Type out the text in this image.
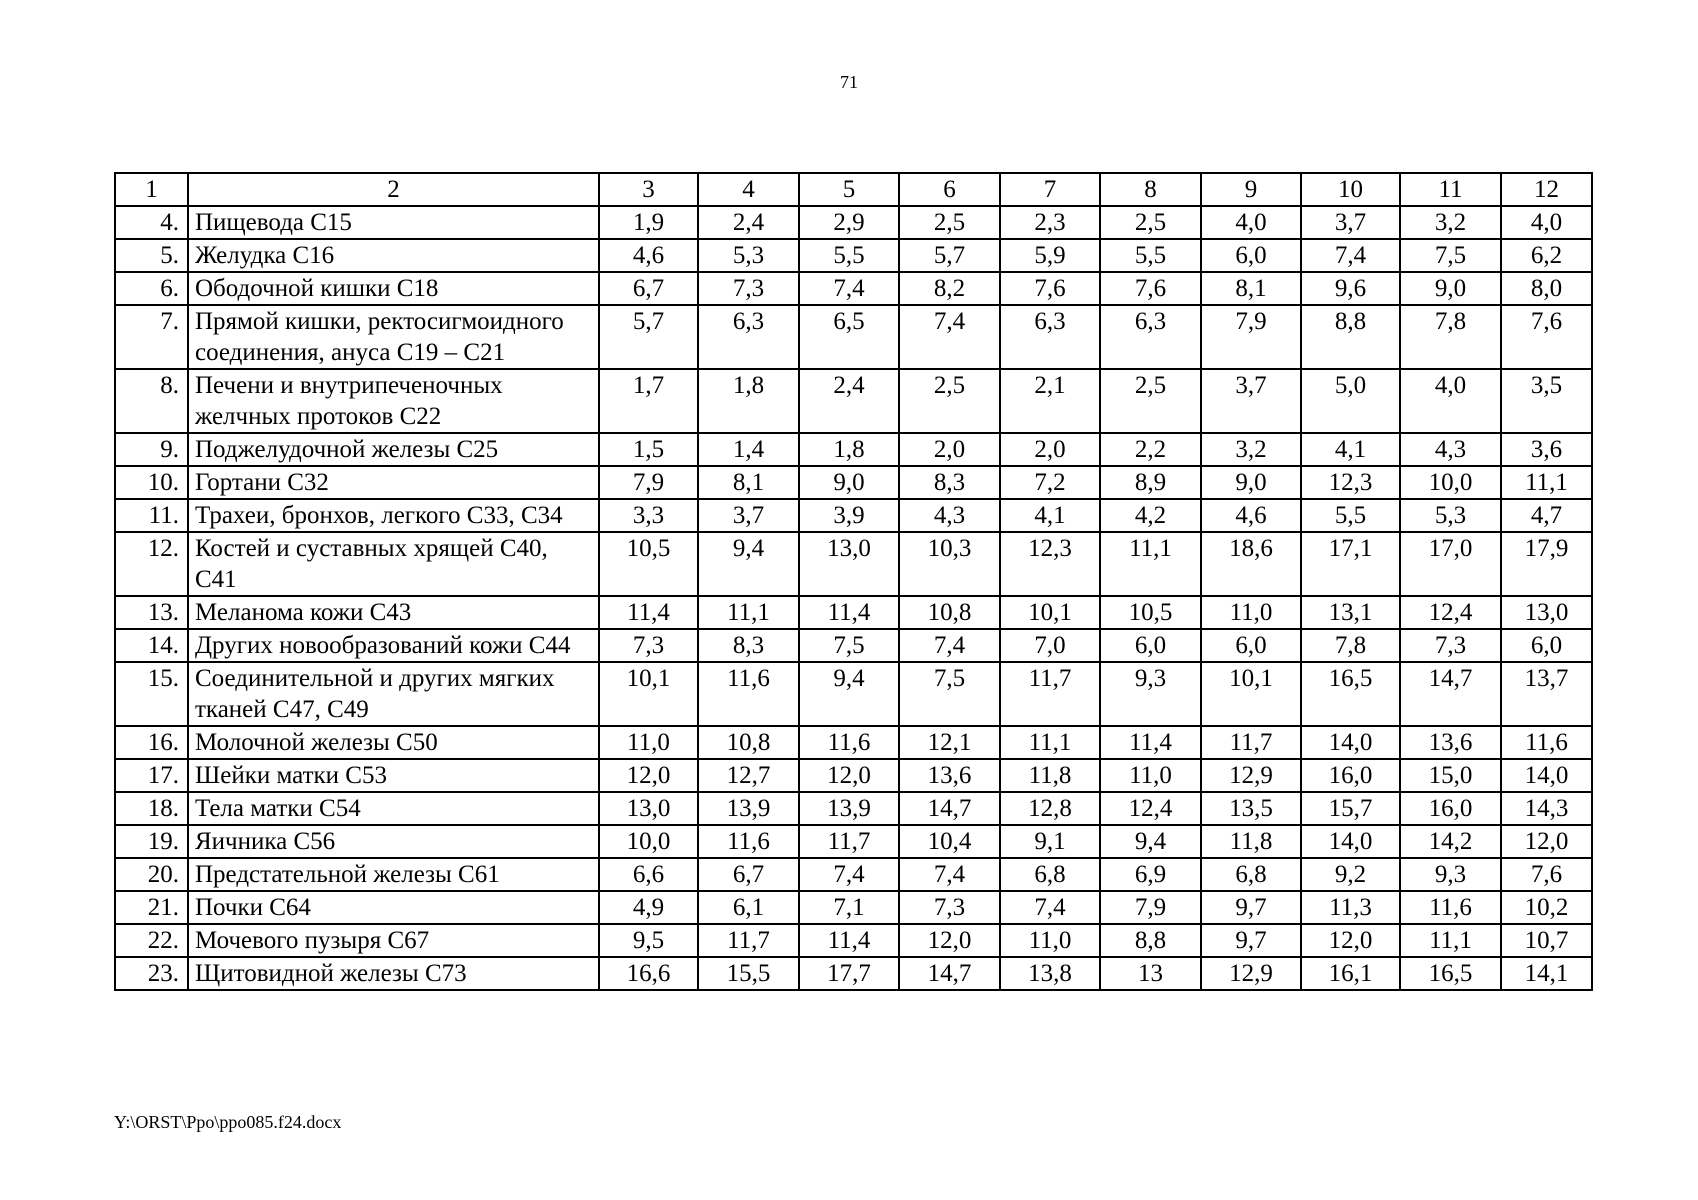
71
1	2	3	4	5	6	7	8	9	10	11	12
4.	Пищевода С15	1,9	2,4	2,9	2,5	2,3	2,5	4,0	3,7	3,2	4,0
5.	Желудка С16	4,6	5,3	5,5	5,7	5,9	5,5	6,0	7,4	7,5	6,2
6.	Ободочной кишки С18	6,7	7,3	7,4	8,2	7,6	7,6	8,1	9,6	9,0	8,0
7.	Прямой кишки, ректосигмоидного соединения, ануса С19 – С21	5,7	6,3	6,5	7,4	6,3	6,3	7,9	8,8	7,8	7,6
8.	Печени и внутрипеченочных желчных протоков С22	1,7	1,8	2,4	2,5	2,1	2,5	3,7	5,0	4,0	3,5
9.	Поджелудочной железы С25	1,5	1,4	1,8	2,0	2,0	2,2	3,2	4,1	4,3	3,6
10.	Гортани С32	7,9	8,1	9,0	8,3	7,2	8,9	9,0	12,3	10,0	11,1
11.	Трахеи, бронхов, легкого С33, С34	3,3	3,7	3,9	4,3	4,1	4,2	4,6	5,5	5,3	4,7
12.	Костей и суставных хрящей С40, С41	10,5	9,4	13,0	10,3	12,3	11,1	18,6	17,1	17,0	17,9
13.	Меланома кожи С43	11,4	11,1	11,4	10,8	10,1	10,5	11,0	13,1	12,4	13,0
14.	Других новообразований кожи С44	7,3	8,3	7,5	7,4	7,0	6,0	6,0	7,8	7,3	6,0
15.	Соединительной и других мягких тканей С47, С49	10,1	11,6	9,4	7,5	11,7	9,3	10,1	16,5	14,7	13,7
16.	Молочной железы С50	11,0	10,8	11,6	12,1	11,1	11,4	11,7	14,0	13,6	11,6
17.	Шейки матки С53	12,0	12,7	12,0	13,6	11,8	11,0	12,9	16,0	15,0	14,0
18.	Тела матки С54	13,0	13,9	13,9	14,7	12,8	12,4	13,5	15,7	16,0	14,3
19.	Яичника С56	10,0	11,6	11,7	10,4	9,1	9,4	11,8	14,0	14,2	12,0
20.	Предстательной железы С61	6,6	6,7	7,4	7,4	6,8	6,9	6,8	9,2	9,3	7,6
21.	Почки С64	4,9	6,1	7,1	7,3	7,4	7,9	9,7	11,3	11,6	10,2
22.	Мочевого пузыря С67	9,5	11,7	11,4	12,0	11,0	8,8	9,7	12,0	11,1	10,7
23.	Щитовидной железы С73	16,6	15,5	17,7	14,7	13,8	13	12,9	16,1	16,5	14,1
Y:\ORST\Ppo\ppo085.f24.docx
